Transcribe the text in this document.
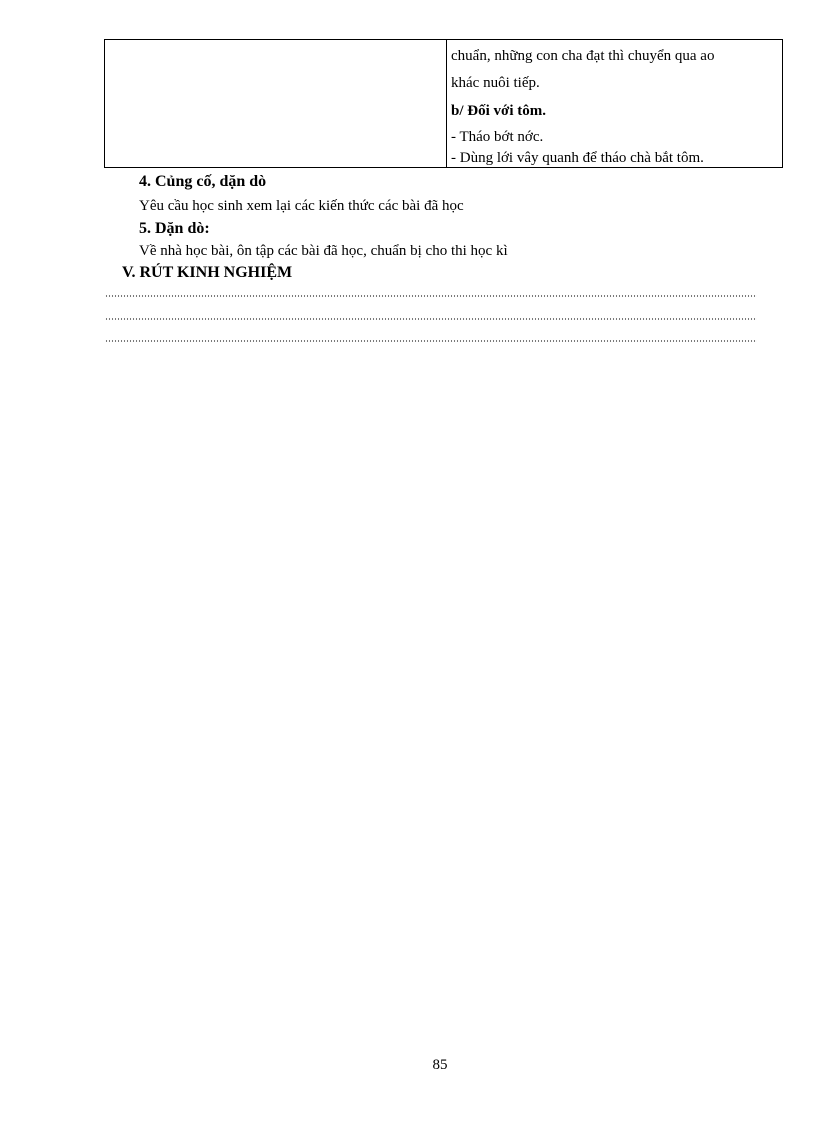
chuẩn, những con cha đạt thì chuyển qua ao
khác nuôi tiếp.
b/ Đối với tôm.
- Tháo bớt nớc.
- Dùng lới vây quanh để tháo chà bắt tôm.
4. Củng cố, dặn dò
Yêu cầu học sinh xem lại các kiến thức các bài đã học
5. Dặn dò:
Về nhà học bài, ôn tập các bài đã học, chuẩn bị cho thi học kì
V. RÚT KINH NGHIỆM
85
